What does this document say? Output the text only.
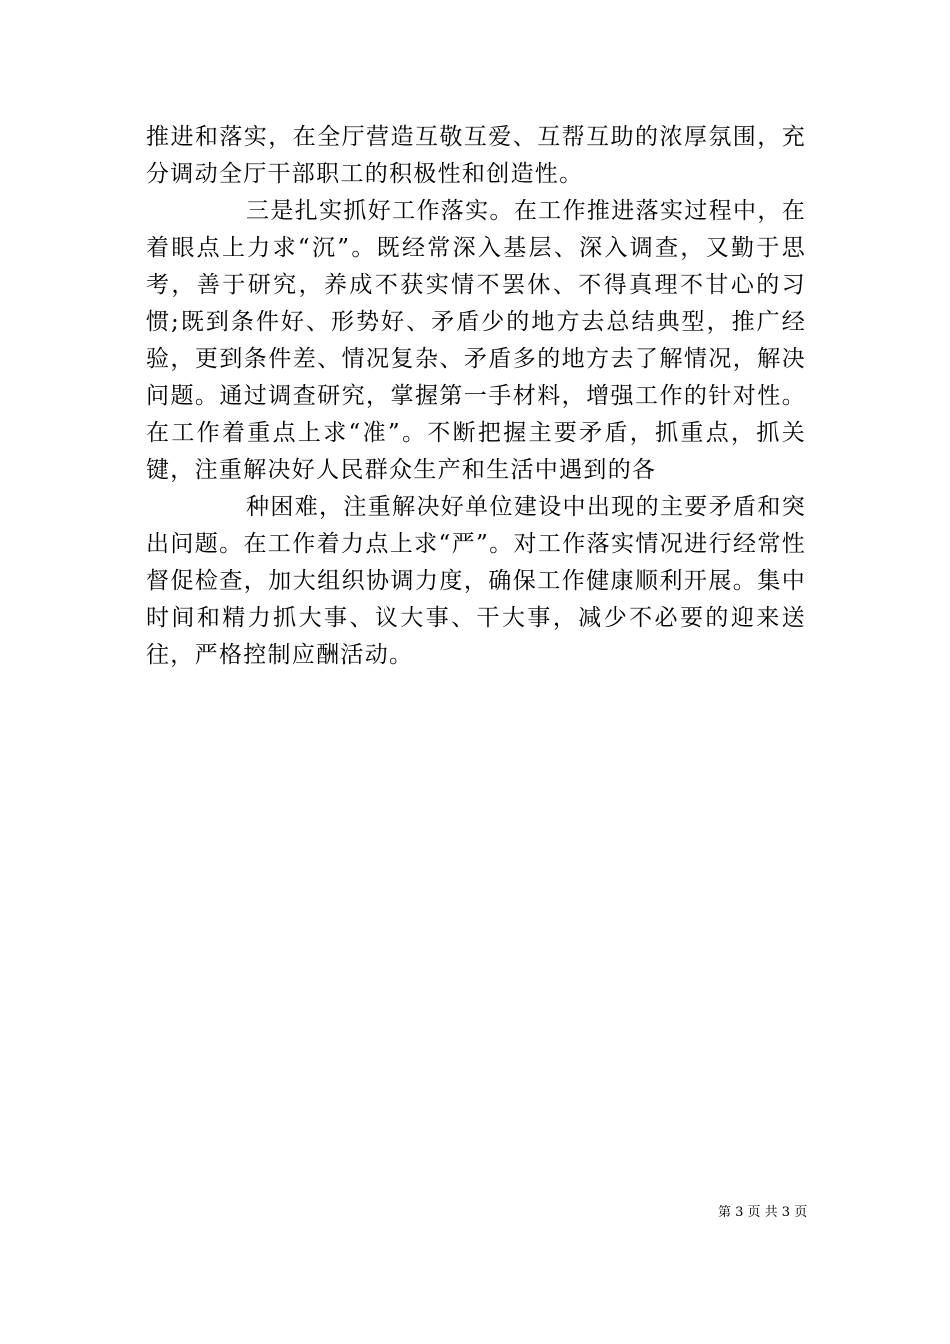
推进和落实，在全厅营造互敬互爱、互帮互助的浓厚氛围，充分调动全厅干部职工的积极性和创造性。

三是扎实抓好工作落实。在工作推进落实过程中，在着眼点上力求“沉”。既经常深入基层、深入调查，又勤于思考，善于研究，养成不获实情不罢休、不得真理不甘心的习惯;既到条件好、形势好、矛盾少的地方去总结典型，推广经验，更到条件差、情况复杂、矛盾多的地方去了解情况，解决问题。通过调查研究，掌握第一手材料，增强工作的针对性。在工作着重点上求“准”。不断把握主要矛盾，抓重点，抓关键，注重解决好人民群众生产和生活中遇到的各

种困难，注重解决好单位建设中出现的主要矛盾和突出问题。在工作着力点上求“严”。对工作落实情况进行经常性督促检查，加大组织协调力度，确保工作健康顺利开展。集中时间和精力抓大事、议大事、干大事，减少不必要的迎来送往，严格控制应酬活动。

第 3 页 共 3 页
